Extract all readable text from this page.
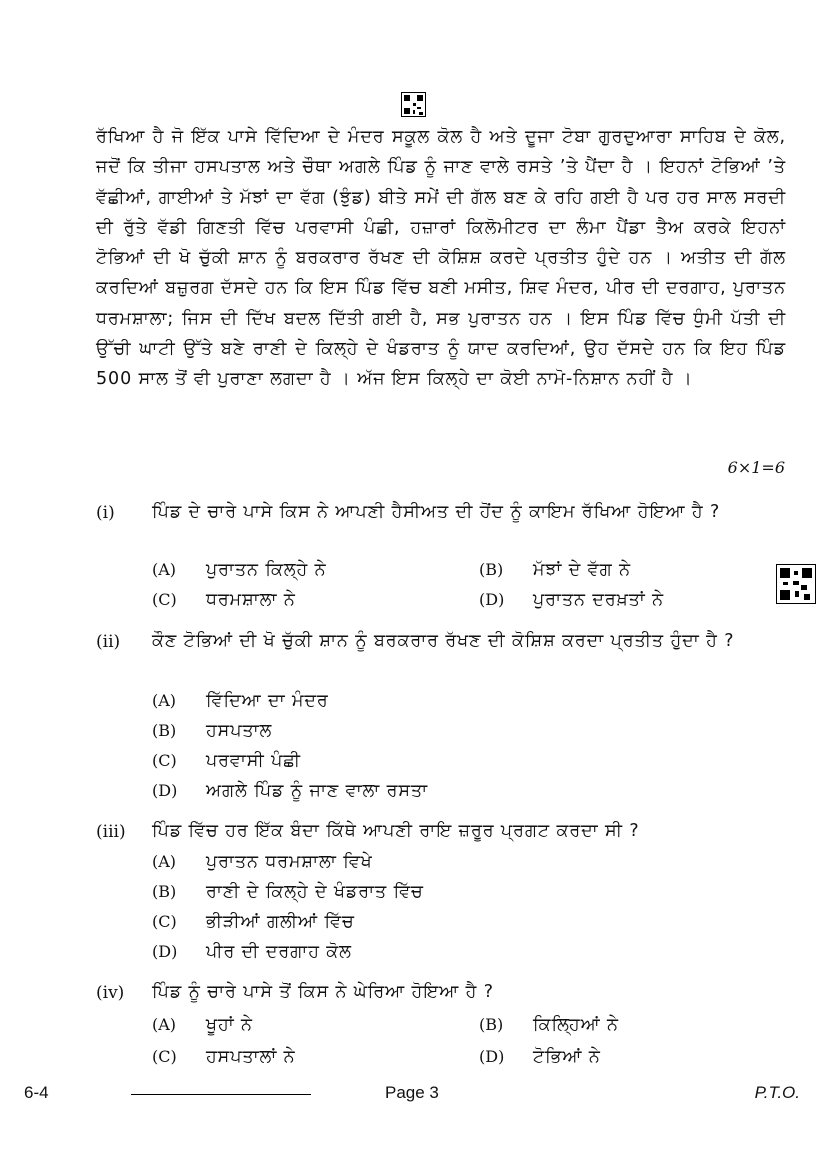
ਰੱਖਿਆ ਹੈ ਜੋ ਇੱਕ ਪਾਸੇ ਵਿੱਦਿਆ ਦੇ ਮੰਦਰ ਸਕੂਲ ਕੋਲ ਹੈ ਅਤੇ ਦੂਜਾ ਟੋਬਾ ਗੁਰਦੁਆਰਾ ਸਾਹਿਬ ਦੇ ਕੋਲ, ਜਦੋਂ ਕਿ ਤੀਜਾ ਹਸਪਤਾਲ ਅਤੇ ਚੌਥਾ ਅਗਲੇ ਪਿੰਡ ਨੂੰ ਜਾਣ ਵਾਲੇ ਰਸਤੇ ’ਤੇ ਪੈਂਦਾ ਹੈ । ਇਹਨਾਂ ਟੋਭਿਆਂ ’ਤੇ ਵੱਛੀਆਂ, ਗਾਈਆਂ ਤੇ ਮੱਝਾਂ ਦਾ ਵੱਗ (ਝੁੰਡ) ਬੀਤੇ ਸਮੇਂ ਦੀ ਗੱਲ ਬਣ ਕੇ ਰਹਿ ਗਈ ਹੈ ਪਰ ਹਰ ਸਾਲ ਸਰਦੀ ਦੀ ਰੁੱਤੇ ਵੱਡੀ ਗਿਣਤੀ ਵਿੱਚ ਪਰਵਾਸੀ ਪੰਛੀ, ਹਜ਼ਾਰਾਂ ਕਿਲੋਮੀਟਰ ਦਾ ਲੰਮਾ ਪੈਂਡਾ ਤੈਅ ਕਰਕੇ ਇਹਨਾਂ ਟੋਭਿਆਂ ਦੀ ਖੋ ਚੁੱਕੀ ਸ਼ਾਨ ਨੂੰ ਬਰਕਰਾਰ ਰੱਖਣ ਦੀ ਕੋਸ਼ਿਸ਼ ਕਰਦੇ ਪ੍ਰਤੀਤ ਹੁੰਦੇ ਹਨ । ਅਤੀਤ ਦੀ ਗੱਲ ਕਰਦਿਆਂ ਬਜ਼ੁਰਗ ਦੱਸਦੇ ਹਨ ਕਿ ਇਸ ਪਿੰਡ ਵਿੱਚ ਬਣੀ ਮਸੀਤ, ਸ਼ਿਵ ਮੰਦਰ, ਪੀਰ ਦੀ ਦਰਗਾਹ, ਪੁਰਾਤਨ ਧਰਮਸ਼ਾਲਾ; ਜਿਸ ਦੀ ਦਿੱਖ ਬਦਲ ਦਿੱਤੀ ਗਈ ਹੈ, ਸਭ ਪੁਰਾਤਨ ਹਨ । ਇਸ ਪਿੰਡ ਵਿੱਚ ਧੁੰਮੀ ਪੱਤੀ ਦੀ ਉੱਚੀ ਘਾਟੀ ਉੱਤੇ ਬਣੇ ਰਾਣੀ ਦੇ ਕਿਲ੍ਹੇ ਦੇ ਖੰਡਰਾਤ ਨੂੰ ਯਾਦ ਕਰਦਿਆਂ, ਉਹ ਦੱਸਦੇ ਹਨ ਕਿ ਇਹ ਪਿੰਡ 500 ਸਾਲ ਤੋਂ ਵੀ ਪੁਰਾਣਾ ਲਗਦਾ ਹੈ । ਅੱਜ ਇਸ ਕਿਲ੍ਹੇ ਦਾ ਕੋਈ ਨਾਮੋ-ਨਿਸ਼ਾਨ ਨਹੀਂ ਹੈ ।
6×1=6
(i) ਪਿੰਡ ਦੇ ਚਾਰੇ ਪਾਸੇ ਕਿਸ ਨੇ ਆਪਣੀ ਹੈਸੀਅਤ ਦੀ ਹੋਂਦ ਨੂੰ ਕਾਇਮ ਰੱਖਿਆ ਹੋਇਆ ਹੈ ?
(A) ਪੁਰਾਤਨ ਕਿਲ੍ਹੇ ਨੇ	(B) ਮੱਝਾਂ ਦੇ ਵੱਗ ਨੇ
(C) ਧਰਮਸ਼ਾਲਾ ਨੇ	(D) ਪੁਰਾਤਨ ਦਰਖ਼ਤਾਂ ਨੇ
(ii) ਕੌਣ ਟੋਭਿਆਂ ਦੀ ਖੋ ਚੁੱਕੀ ਸ਼ਾਨ ਨੂੰ ਬਰਕਰਾਰ ਰੱਖਣ ਦੀ ਕੋਸ਼ਿਸ਼ ਕਰਦਾ ਪ੍ਰਤੀਤ ਹੁੰਦਾ ਹੈ ?
(A) ਵਿੱਦਿਆ ਦਾ ਮੰਦਰ
(B) ਹਸਪਤਾਲ
(C) ਪਰਵਾਸੀ ਪੰਛੀ
(D) ਅਗਲੇ ਪਿੰਡ ਨੂੰ ਜਾਣ ਵਾਲਾ ਰਸਤਾ
(iii) ਪਿੰਡ ਵਿੱਚ ਹਰ ਇੱਕ ਬੰਦਾ ਕਿੱਥੇ ਆਪਣੀ ਰਾਇ ਜ਼ਰੂਰ ਪ੍ਰਗਟ ਕਰਦਾ ਸੀ ?
(A) ਪੁਰਾਤਨ ਧਰਮਸ਼ਾਲਾ ਵਿਖੇ
(B) ਰਾਣੀ ਦੇ ਕਿਲ੍ਹੇ ਦੇ ਖੰਡਰਾਤ ਵਿੱਚ
(C) ਭੀੜੀਆਂ ਗਲੀਆਂ ਵਿੱਚ
(D) ਪੀਰ ਦੀ ਦਰਗਾਹ ਕੋਲ
(iv) ਪਿੰਡ ਨੂੰ ਚਾਰੇ ਪਾਸੇ ਤੋਂ ਕਿਸ ਨੇ ਘੇਰਿਆ ਹੋਇਆ ਹੈ ?
(A) ਖੂਹਾਂ ਨੇ	(B) ਕਿਲ੍ਹਿਆਂ ਨੇ
(C) ਹਸਪਤਾਲਾਂ ਨੇ	(D) ਟੋਭਿਆਂ ਨੇ
6-4	Page 3	P.T.O.
